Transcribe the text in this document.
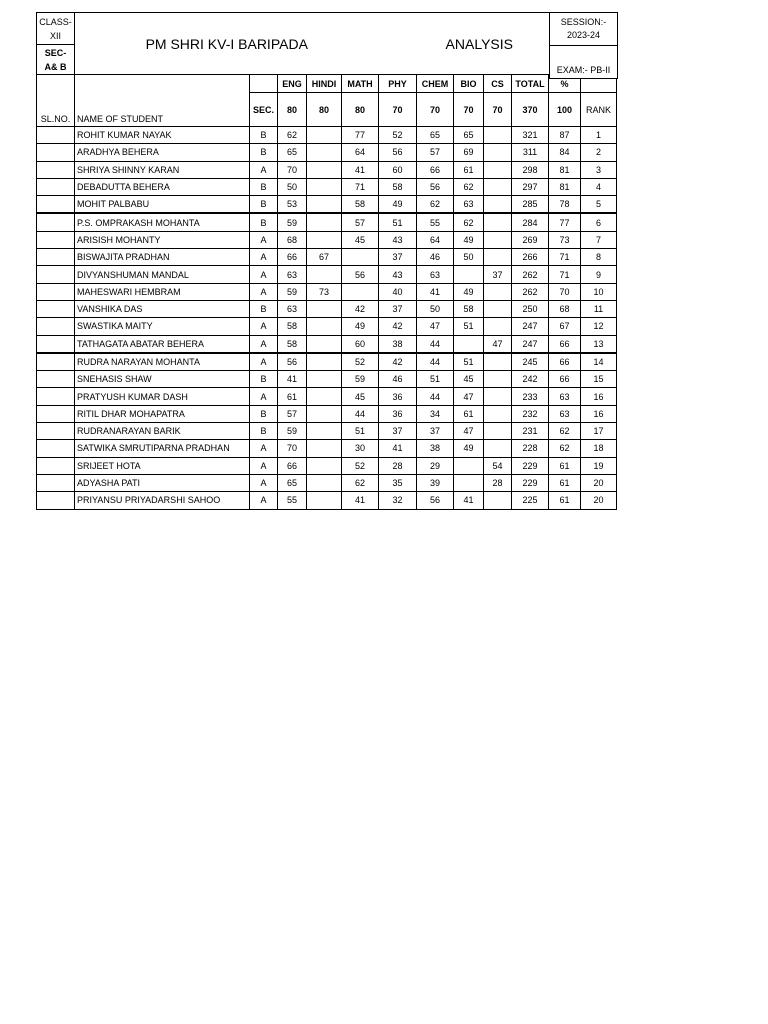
CLASS-
XII	PM SHRI KV-I BARIPADA					ANALYSIS					

SEC-
A& B												

SL.NO.	NAME OF STUDENT		ENG	HINDI	MATH	PHY	CHEM	BIO	CS	TOTAL	%	
		SEC.	80	80	80	70	70	70	70	370	100	RANK
	ROHIT KUMAR NAYAK	B	62		77	52	65	65		321	87	1
	ARADHYA BEHERA	B	65		64	56	57	69		311	84	2
	SHRIYA SHINNY KARAN	A	70		41	60	66	61		298	81	3
	DEBADUTTA BEHERA	B	50		71	58	56	62		297	81	4
	MOHIT PALBABU	B	53		58	49	62	63		285	78	5
	P.S. OMPRAKASH MOHANTA	B	59		57	51	55	62		284	77	6
	ARISISH MOHANTY	A	68		45	43	64	49		269	73	7
	BISWAJITA PRADHAN	A	66	67		37	46	50		266	71	8
	DIVYANSHUMAN MANDAL	A	63		56	43	63		37	262	71	9
	MAHESWARI HEMBRAM	A	59	73		40	41	49		262	70	10
	VANSHIKA DAS	B	63		42	37	50	58		250	68	11
	SWASTIKA MAITY	A	58		49	42	47	51		247	67	12
	TATHAGATA ABATAR BEHERA	A	58		60	38	44		47	247	66	13
	RUDRA NARAYAN MOHANTA	A	56		52	42	44	51		245	66	14
	SNEHASIS SHAW	B	41		59	46	51	45		242	66	15
	PRATYUSH KUMAR DASH	A	61		45	36	44	47		233	63	16
	RITIL DHAR MOHAPATRA	B	57		44	36	34	61		232	63	16
	RUDRANARAYAN BARIK	B	59		51	37	37	47		231	62	17
	SATWIKA SMRUTIPARNA PRADHAN	A	70		30	41	38	49		228	62	18
	SRIJEET HOTA	A	66		52	28	29		54	229	61	19
	ADYASHA PATI	A	65		62	35	39		28	229	61	20
	PRIYANSU PRIYADARSHI SAHOO	A	55		41	32	56	41		225	61	20
SESSION:-
2023-24
EXAM:- PB-II
